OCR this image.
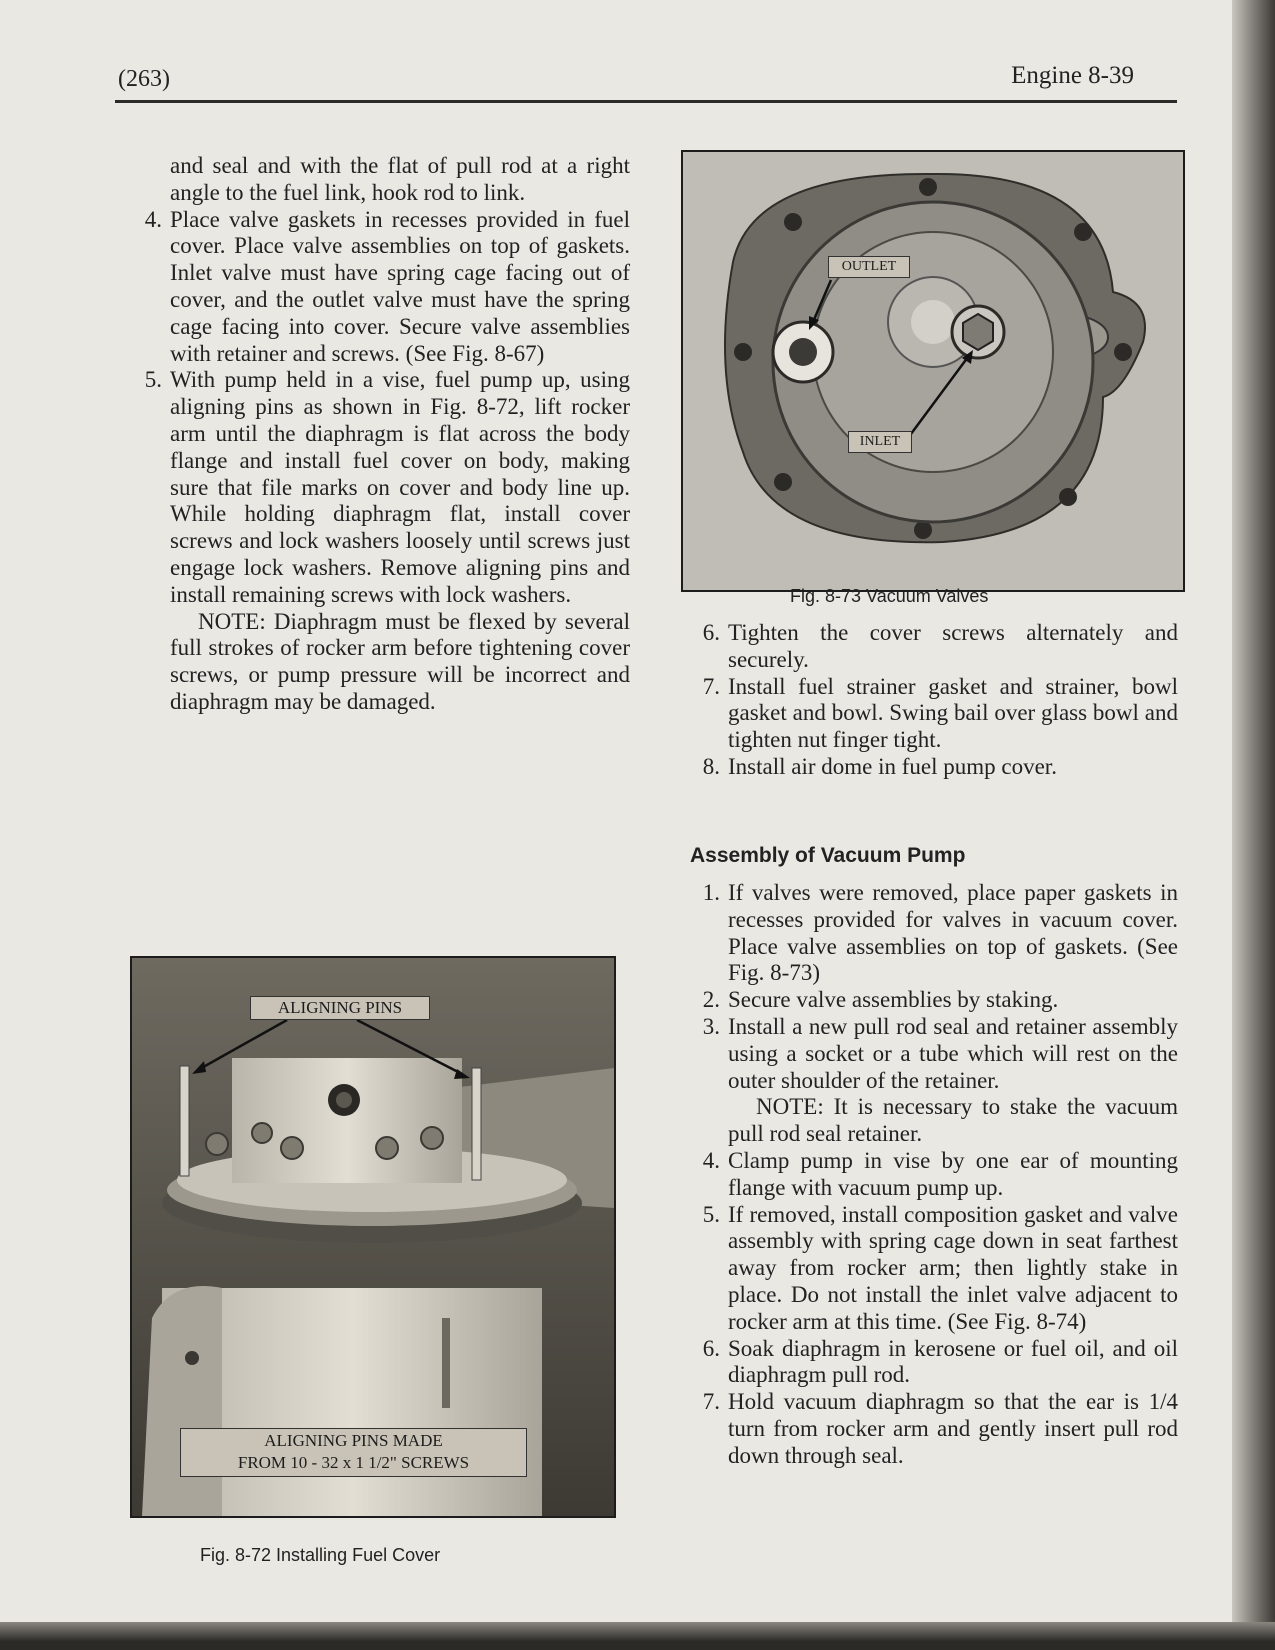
(263)	Engine 8-39
and seal and with the flat of pull rod at a right angle to the fuel link, hook rod to link.
4. Place valve gaskets in recesses provided in fuel cover. Place valve assemblies on top of gaskets. Inlet valve must have spring cage facing out of cover, and the outlet valve must have the spring cage facing into cover. Secure valve assemblies with retainer and screws. (See Fig. 8-67)
5. With pump held in a vise, fuel pump up, using aligning pins as shown in Fig. 8-72, lift rocker arm until the diaphragm is flat across the body flange and install fuel cover on body, making sure that file marks on cover and body line up. While holding diaphragm flat, install cover screws and lock washers loosely until screws just engage lock washers. Remove aligning pins and install remaining screws with lock washers.
NOTE: Diaphragm must be flexed by several full strokes of rocker arm before tightening cover screws, or pump pressure will be incorrect and diaphragm may be damaged.
ALIGNING PINS
ALIGNING PINS MADE
FROM 10 - 32 x 1 1/2" SCREWS
Fig. 8-72 Installing Fuel Cover
OUTLET
INLET
Fig. 8-73 Vacuum Valves
6. Tighten the cover screws alternately and securely.
7. Install fuel strainer gasket and strainer, bowl gasket and bowl. Swing bail over glass bowl and tighten nut finger tight.
8. Install air dome in fuel pump cover.
Assembly of Vacuum Pump
1. If valves were removed, place paper gaskets in recesses provided for valves in vacuum cover. Place valve assemblies on top of gaskets. (See Fig. 8-73)
2. Secure valve assemblies by staking.
3. Install a new pull rod seal and retainer assembly using a socket or a tube which will rest on the outer shoulder of the retainer.
NOTE: It is necessary to stake the vacuum pull rod seal retainer.
4. Clamp pump in vise by one ear of mounting flange with vacuum pump up.
5. If removed, install composition gasket and valve assembly with spring cage down in seat farthest away from rocker arm; then lightly stake in place. Do not install the inlet valve adjacent to rocker arm at this time. (See Fig. 8-74)
6. Soak diaphragm in kerosene or fuel oil, and oil diaphragm pull rod.
7. Hold vacuum diaphragm so that the ear is 1/4 turn from rocker arm and gently insert pull rod down through seal.
